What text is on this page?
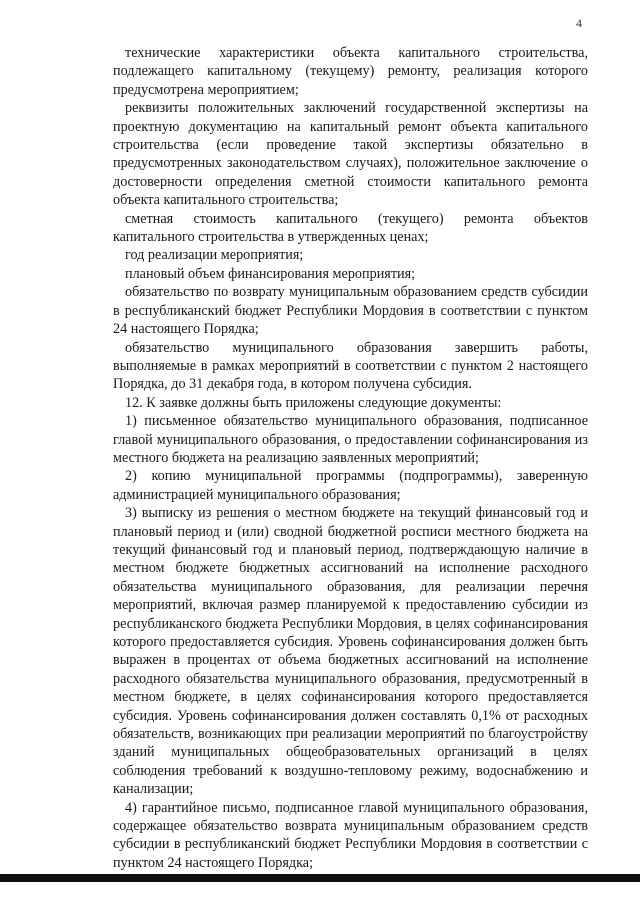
4

технические характеристики объекта капитального строительства, подлежащего капитальному (текущему) ремонту, реализация которого предусмотрена мероприятием;

реквизиты положительных заключений государственной экспертизы на проектную документацию на капитальный ремонт объекта капитального строительства (если проведение такой экспертизы обязательно в предусмотренных законодательством случаях), положительное заключение о достоверности определения сметной стоимости капитального ремонта объекта капитального строительства;

сметная стоимость капитального (текущего) ремонта объектов капитального строительства в утвержденных ценах;

год реализации мероприятия;

плановый объем финансирования мероприятия;

обязательство по возврату муниципальным образованием средств субсидии в республиканский бюджет Республики Мордовия в соответствии с пунктом 24 настоящего Порядка;

обязательство муниципального образования завершить работы, выполняемые в рамках мероприятий в соответствии с пунктом 2 настоящего Порядка, до 31 декабря года, в котором получена субсидия.

12. К заявке должны быть приложены следующие документы:

1) письменное обязательство муниципального образования, подписанное главой муниципального образования, о предоставлении софинансирования из местного бюджета на реализацию заявленных мероприятий;

2) копию муниципальной программы (подпрограммы), заверенную администрацией муниципального образования;

3) выписку из решения о местном бюджете на текущий финансовый год и плановый период и (или) сводной бюджетной росписи местного бюджета на текущий финансовый год и плановый период, подтверждающую наличие в местном бюджете бюджетных ассигнований на исполнение расходного обязательства муниципального образования, для реализации перечня мероприятий, включая размер планируемой к предоставлению субсидии из республиканского бюджета Республики Мордовия, в целях софинансирования которого предоставляется субсидия. Уровень софинансирования должен быть выражен в процентах от объема бюджетных ассигнований на исполнение расходного обязательства муниципального образования, предусмотренный в местном бюджете, в целях софинансирования которого предоставляется субсидия. Уровень софинансирования должен составлять 0,1% от расходных обязательств, возникающих при реализации мероприятий по благоустройству зданий муниципальных общеобразовательных организаций в целях соблюдения требований к воздушно-тепловому режиму, водоснабжению и канализации;

4) гарантийное письмо, подписанное главой муниципального образования, содержащее обязательство возврата муниципальным образованием средств субсидии в республиканский бюджет Республики Мордовия в соответствии с пунктом 24 настоящего Порядка;
